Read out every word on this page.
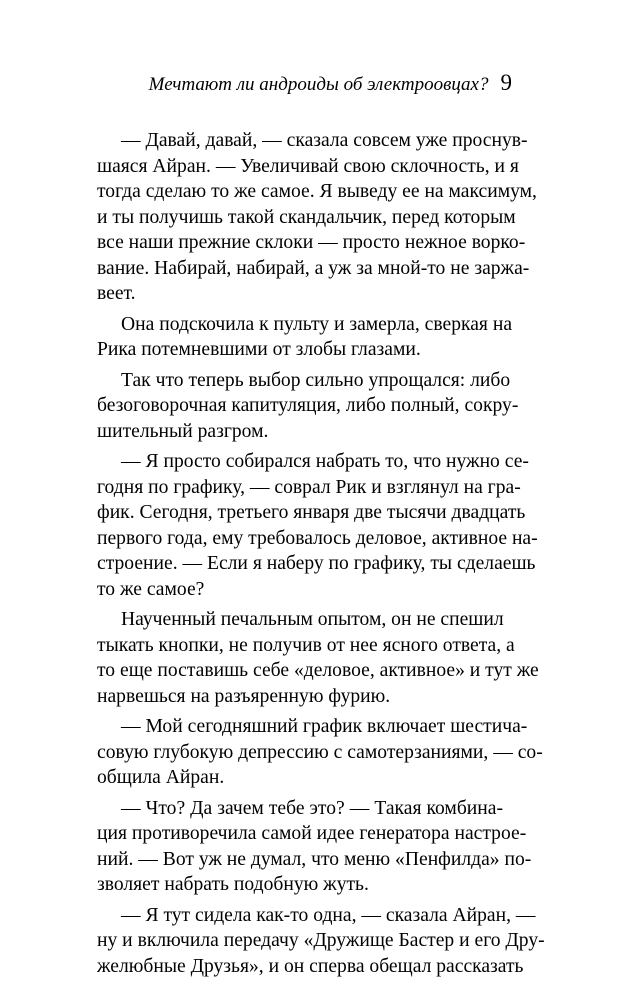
Мечтают ли андроиды об электроовцах? 9
— Давай, давай, — сказала совсем уже проснув-
шаяся Айран. — Увеличивай свою склочность, и я
тогда сделаю то же самое. Я выведу ее на максимум,
и ты получишь такой скандальчик, перед которым
все наши прежние склоки — просто нежное ворко-
вание. Набирай, набирай, а уж за мной-то не заржа-
веет.
Она подскочила к пульту и замерла, сверкая на
Рика потемневшими от злобы глазами.
Так что теперь выбор сильно упрощался: либо
безоговорочная капитуляция, либо полный, сокру-
шительный разгром.
— Я просто собирался набрать то, что нужно се-
годня по графику, — соврал Рик и взглянул на гра-
фик. Сегодня, третьего января две тысячи двадцать
первого года, ему требовалось деловое, активное на-
строение. — Если я наберу по графику, ты сделаешь
то же самое?
Наученный печальным опытом, он не спешил
тыкать кнопки, не получив от нее ясного ответа, а
то еще поставишь себе «деловое, активное» и тут же
нарвешься на разъяренную фурию.
— Мой сегодняшний график включает шестича-
совую глубокую депрессию с самотерзаниями, — со-
общила Айран.
— Что? Да зачем тебе это? — Такая комбина-
ция противоречила самой идее генератора настрое-
ний. — Вот уж не думал, что меню «Пенфилда» по-
зволяет набрать подобную жуть.
— Я тут сидела как-то одна, — сказала Айран, —
ну и включила передачу «Дружище Бастер и его Дру-
желюбные Друзья», и он сперва обещал рассказать
